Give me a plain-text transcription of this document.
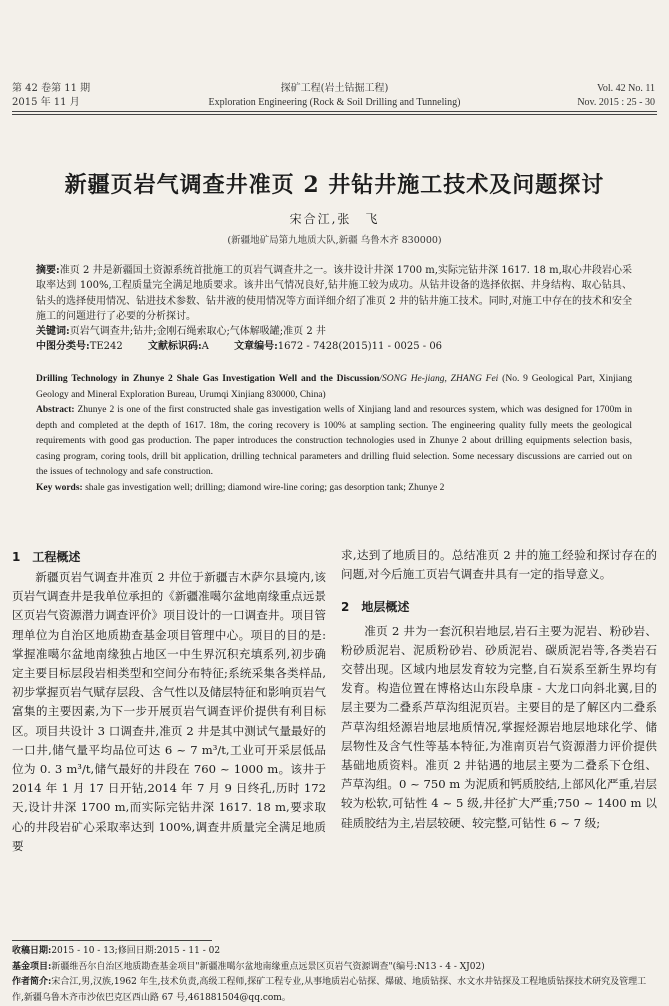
第 42 卷第 11 期
2015 年 11 月
探矿工程(岩土钻掘工程)
Exploration Engineering (Rock & Soil Drilling and Tunneling)
Vol. 42 No. 11
Nov. 2015 : 25 - 30
新疆页岩气调查井准页 2 井钻井施工技术及问题探讨
宋合江,张　飞
(新疆地矿局第九地质大队,新疆 乌鲁木齐 830000)
摘要:准页 2 井是新疆国土资源系统首批施工的页岩气调查井之一。该井设计井深 1700 m,实际完钻井深 1617. 18 m,取心井段岩心采取率达到 100%,工程质量完全满足地质要求。该井出气情况良好,钻井施工较为成功。从钻井设备的选择依据、井身结构、取心钻具、钻头的选择使用情况、钻进技术参数、钻井液的使用情况等方面详细介绍了准页 2 井的钻井施工技术。同时,对施工中存在的技术和安全施工的问题进行了必要的分析探讨。
关键词:页岩气调查井;钻井;金刚石绳索取心;气体解吸罐;准页 2 井
中图分类号:TE242	文献标识码:A	文章编号:1672 - 7428(2015)11 - 0025 - 06
Drilling Technology in Zhunye 2 Shale Gas Investigation Well and the Discussion/SONG He-jiang, ZHANG Fei (No. 9 Geological Part, Xinjiang Geology and Mineral Exploration Bureau, Urumqi Xinjiang 830000, China)
Abstract: Zhunye 2 is one of the first constructed shale gas investigation wells of Xinjiang land and resources system, which was designed for 1700m in depth and completed at the depth of 1617. 18m, the coring recovery is 100% at sampling section. The engineering quality fully meets the geological requirements with good gas production. The paper introduces the construction technologies used in Zhunye 2 about drilling equipments selection basis, casing program, coring tools, drill bit application, drilling technical parameters and drilling fluid selection. Some necessary discussions are carried out on the issues of technology and safe construction.
Key words: shale gas investigation well; drilling; diamond wire-line coring; gas desorption tank; Zhunye 2
1　工程概述

新疆页岩气调查井准页 2 井位于新疆吉木萨尔县境内,该页岩气调查井是我单位承担的《新疆准噶尔盆地南缘重点远景区页岩气资源潜力调查评价》项目设计的一口调查井。项目管理单位为自治区地质勘查基金项目管理中心。项目的目的是:掌握准噶尔盆地南缘独占地区一中生界沉积充填系列,初步确定主要目标层段岩相类型和空间分布特征;系统采集各类样品,初步掌握页岩气赋存层段、含气性以及储层特征和影响页岩气富集的主要因素,为下一步开展页岩气调查评价提供有利目标区。项目共设计 3 口调查井,准页 2 井是其中测试气量最好的一口井,储气量平均品位可达 6 ~ 7 m³/t,工业可开采层低品位为 0. 3 m³/t,储气最好的井段在 760 ~ 1000 m。该井于 2014 年 1 月 17 日开钻,2014 年 7 月 9 日终孔,历时 172 天,设计井深 1700 m,而实际完钻井深 1617. 18 m,要求取心的井段岩矿心采取率达到 100%,调查井质量完全满足地质要

求,达到了地质目的。总结准页 2 井的施工经验和探讨存在的问题,对今后施工页岩气调查井具有一定的指导意义。

2　地层概述

准页 2 井为一套沉积岩地层,岩石主要为泥岩、粉砂岩、粉砂质泥岩、泥质粉砂岩、砂质泥岩、碳质泥岩等,各类岩石交替出现。区域内地层发育较为完整,自石炭系至新生界均有发育。构造位置在博格达山东段阜康 - 大龙口向斜北翼,目的层主要为二叠系芦草沟组泥页岩。主要目的是了解区内二叠系芦草沟组烃源岩地层地质情况,掌握烃源岩地层地球化学、储层物性及含气性等基本特征,为准南页岩气资源潜力评价提供基础地质资料。准页 2 井钻遇的地层主要为二叠系下仓组、芦草沟组。0 ~ 750 m 为泥质和钙质胶结,上部风化严重,岩层较为松软,可钻性 4 ~ 5 级,井径扩大严重;750 ~ 1400 m 以硅质胶结为主,岩层较硬、较完整,可钻性 6 ~ 7 级;

收稿日期:2015 - 10 - 13;修回日期:2015 - 11 - 02
基金项目:新疆维吾尔自治区地质勘查基金项目"新疆准噶尔盆地南缘重点远景区页岩气资源调查"(编号:N13 - 4 - XJ02)
作者简介:宋合江,男,汉族,1962 年生,技术负责,高级工程师,探矿工程专业,从事地质岩心钻探、爆破、地质钻探、水文水井钻探及工程地质钻探技术研究及管理工作,新疆乌鲁木齐市沙依巴克区西山路 67 号,461881504@qq.com。
